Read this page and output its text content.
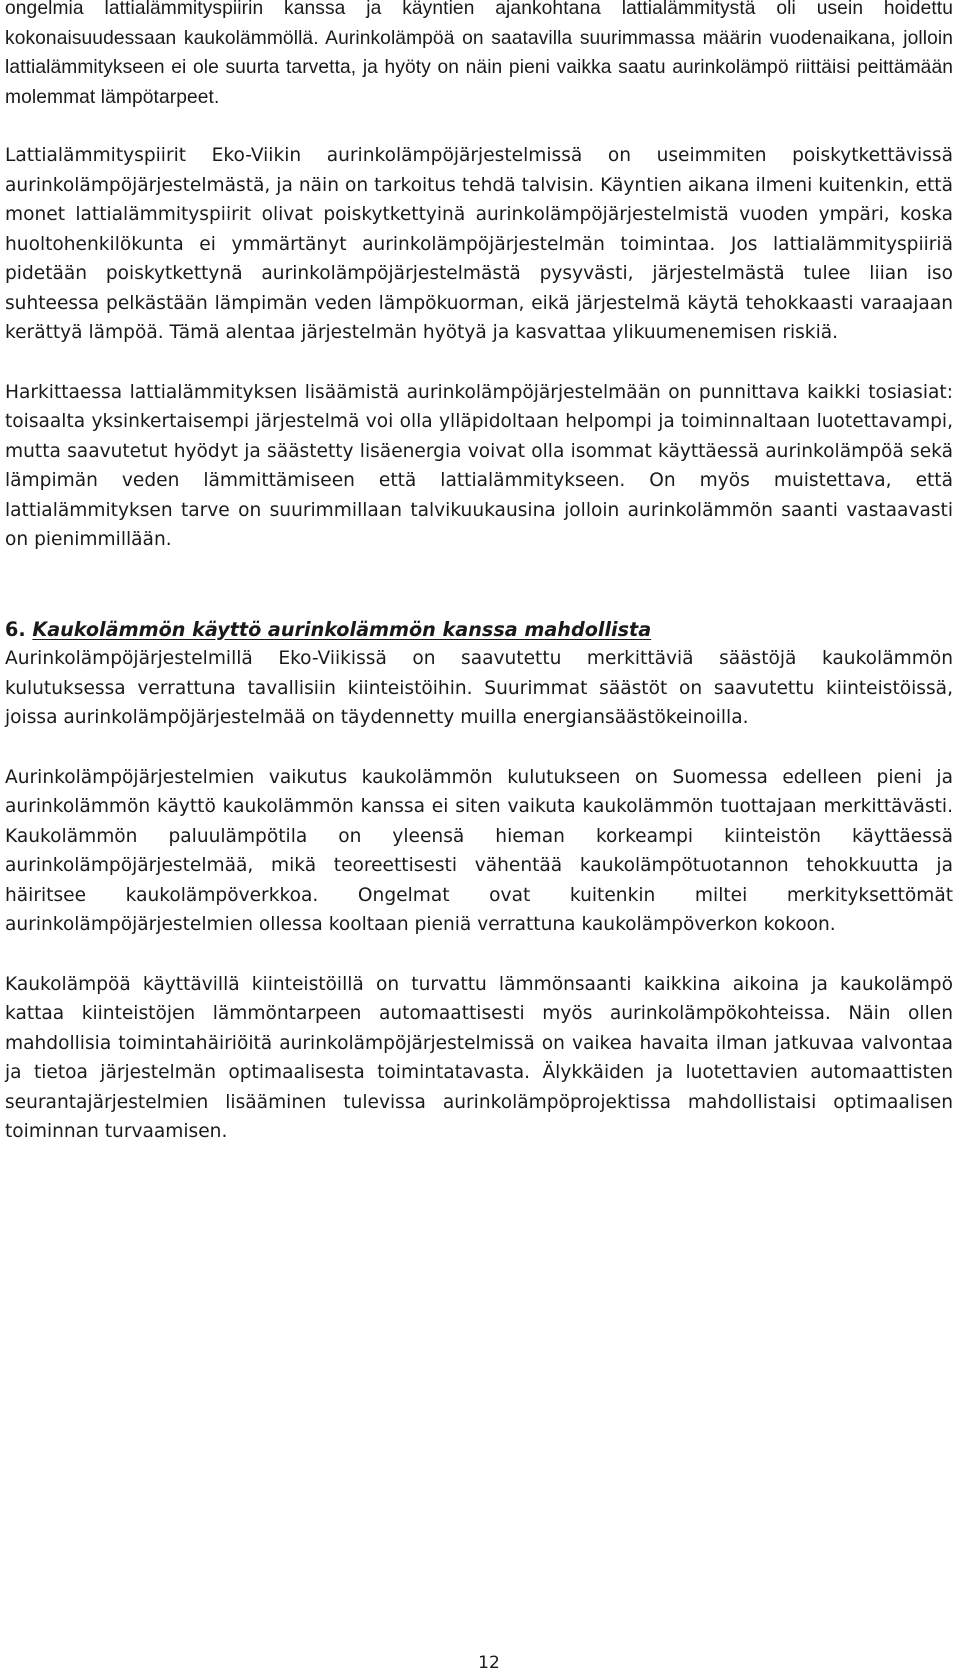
ongelmia lattialämmityspiirin kanssa ja käyntien ajankohtana lattialämmitystä oli usein hoidettu kokonaisuudessaan kaukolämmöllä. Aurinkolämpöä on saatavilla suurimmassa määrin vuodenaikana, jolloin lattialämmitykseen ei ole suurta tarvetta, ja hyöty on näin pieni vaikka saatu aurinkolämpö riittäisi peittämään molemmat lämpötarpeet.

Lattialämmityspiirit Eko-Viikin aurinkolämpöjärjestelmissä on useimmiten poiskytkettävissä aurinkolämpöjärjestelmästä, ja näin on tarkoitus tehdä talvisin. Käyntien aikana ilmeni kuitenkin, että monet lattialämmityspiirit olivat poiskytkettyinä aurinkolämpöjärjestelmistä vuoden ympäri, koska huoltohenkilökunta ei ymmärtänyt aurinkolämpöjärjestelmän toimintaa. Jos lattialämmityspiiriä pidetään poiskytkettynä aurinkolämpöjärjestelmästä pysyvästi, järjestelmästä tulee liian iso suhteessa pelkästään lämpimän veden lämpökuorman, eikä järjestelmä käytä tehokkaasti varaajaan kerättyä lämpöä. Tämä alentaa järjestelmän hyötyä ja kasvattaa ylikuumenemisen riskiä.

Harkittaessa lattialämmityksen lisäämistä aurinkolämpöjärjestelmään on punnittava kaikki tosiasiat: toisaalta yksinkertaisempi järjestelmä voi olla ylläpidoltaan helpompi ja toiminnaltaan luotettavampi, mutta saavutetut hyödyt ja säästetty lisäenergia voivat olla isommat käyttäessä aurinkolämpöä sekä lämpimän veden lämmittämiseen että lattialämmitykseen. On myös muistettava, että lattialämmityksen tarve on suurimmillaan talvikuukausina jolloin aurinkolämmön saanti vastaavasti on pienimmillään.

6. Kaukolämmön käyttö aurinkolämmön kanssa mahdollista

Aurinkolämpöjärjestelmillä Eko-Viikissä on saavutettu merkittäviä säästöjä kaukolämmön kulutuksessa verrattuna tavallisiin kiinteistöihin. Suurimmat säästöt on saavutettu kiinteistöissä, joissa aurinkolämpöjärjestelmää on täydennetty muilla energiansäästökeinoilla.

Aurinkolämpöjärjestelmien vaikutus kaukolämmön kulutukseen on Suomessa edelleen pieni ja aurinkolämmön käyttö kaukolämmön kanssa ei siten vaikuta kaukolämmön tuottajaan merkittävästi. Kaukolämmön paluulämpötila on yleensä hieman korkeampi kiinteistön käyttäessä aurinkolämpöjärjestelmää, mikä teoreettisesti vähentää kaukolämpötuotannon tehokkuutta ja häiritsee kaukolämpöverkkoa. Ongelmat ovat kuitenkin miltei merkityksettömät aurinkolämpöjärjestelmien ollessa kooltaan pieniä verrattuna kaukolämpöverkon kokoon.

Kaukolämpöä käyttävillä kiinteistöillä on turvattu lämmönsaanti kaikkina aikoina ja kaukolämpö kattaa kiinteistöjen lämmöntarpeen automaattisesti myös aurinkolämpökohteissa. Näin ollen mahdollisia toimintahäiriöitä aurinkolämpöjärjestelmissä on vaikea havaita ilman jatkuvaa valvontaa ja tietoa järjestelmän optimaalisesta toimintatavasta. Älykkäiden ja luotettavien automaattisten seurantajärjestelmien lisääminen tulevissa aurinkolämpöprojektissa mahdollistaisi optimaalisen toiminnan turvaamisen.

12
